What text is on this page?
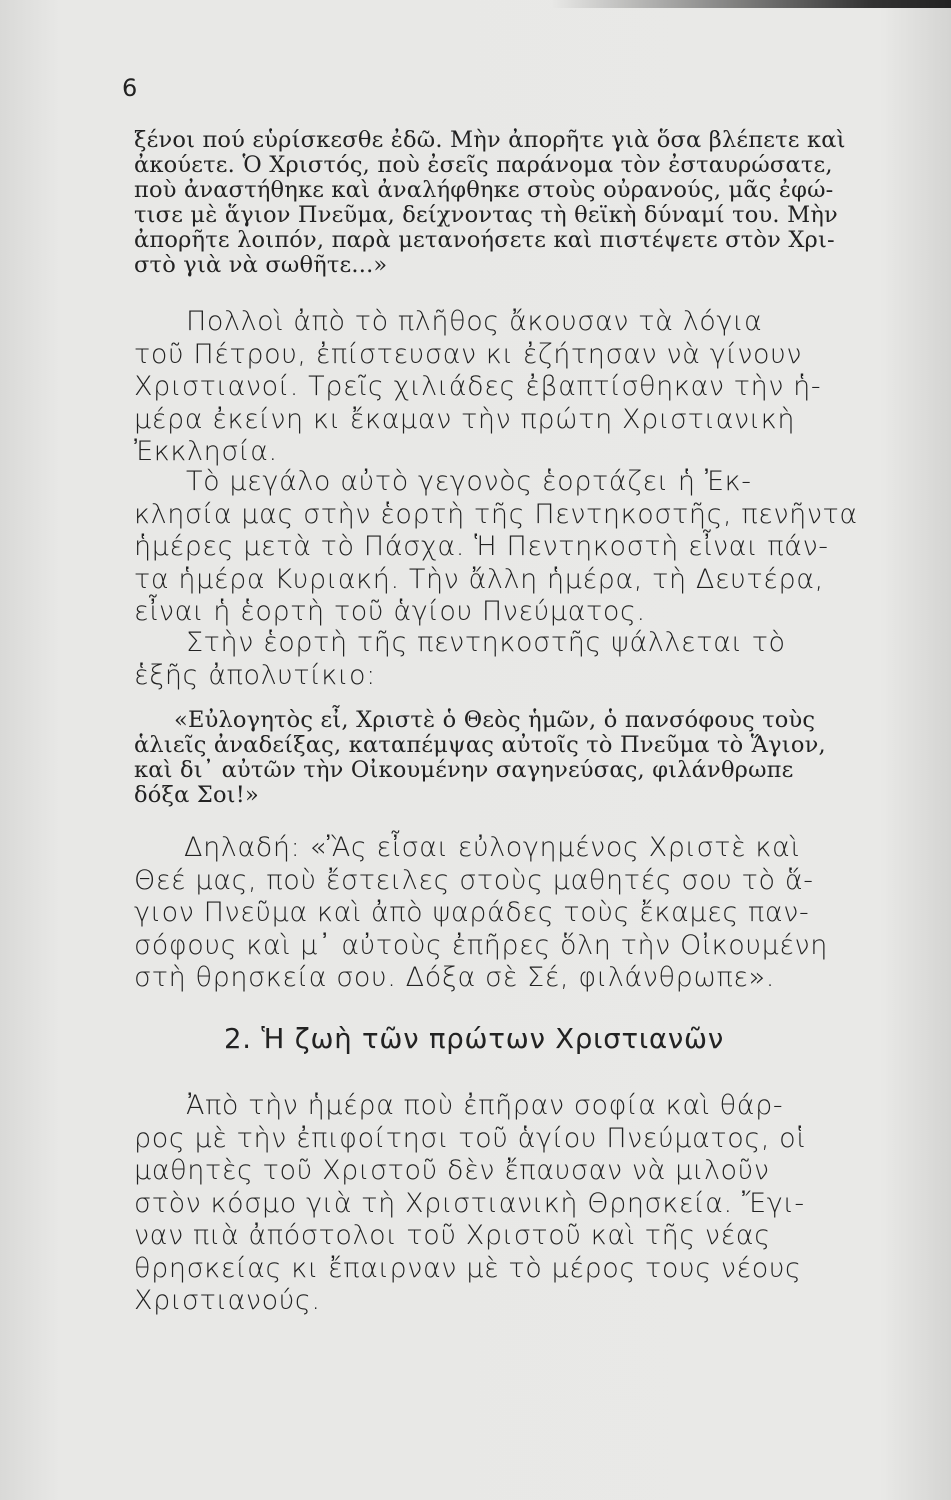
6
ξένοι πού εὑρίσκεσθε ἐδῶ. Μὴν ἀπορῆτε γιὰ ὅσα βλέπετε καὶ
ἀκούετε. Ὁ Χριστός, ποὺ ἐσεῖς παράνομα τὸν ἐσταυρώσατε,
ποὺ ἀναστήθηκε καὶ ἀναλήφθηκε στοὺς οὐρανούς, μᾶς ἐφώ-
τισε μὲ ἅγιον Πνεῦμα, δείχνοντας τὴ θεϊκὴ δύναμί του. Μὴν
ἀπορῆτε λοιπόν, παρὰ μετανοήσετε καὶ πιστέψετε στὸν Χρι-
στὸ γιὰ νὰ σωθῆτε...»
Πολλοὶ ἀπὸ τὸ πλῆθος ἄκουσαν τὰ λόγια
τοῦ Πέτρου, ἐπίστευσαν κι ἐζήτησαν νὰ γίνουν
Χριστιανοί. Τρεῖς χιλιάδες ἐβαπτίσθηκαν τὴν ἡ-
μέρα ἐκείνη κι ἔκαμαν τὴν πρώτη Χριστιανικὴ
Ἐκκλησία.
Τὸ μεγάλο αὐτὸ γεγονὸς ἑορτάζει ἡ Ἐκ-
κλησία μας στὴν ἑορτὴ τῆς Πεντηκοστῆς, πενῆντα
ἡμέρες μετὰ τὸ Πάσχα. Ἡ Πεντηκοστὴ εἶναι πάν-
τα ἡμέρα Κυριακή. Τὴν ἄλλη ἡμέρα, τὴ Δευτέρα,
εἶναι ἡ ἑορτὴ τοῦ ἁγίου Πνεύματος.
Στὴν ἑορτὴ τῆς πεντηκοστῆς ψάλλεται τὸ
ἑξῆς ἀπολυτίκιο:
«Εὐλογητὸς εἶ, Χριστὲ ὁ Θεὸς ἡμῶν, ὁ πανσόφους τοὺς
ἁλιεῖς ἀναδείξας, καταπέμψας αὐτοῖς τὸ Πνεῦμα τὸ Ἅγιον,
καὶ δι᾽ αὐτῶν τὴν Οἰκουμένην σαγηνεύσας, φιλάνθρωπε
δόξα Σοι!»
Δηλαδή: «Ἂς εἶσαι εὐλογημένος Χριστὲ καὶ
Θεέ μας, ποὺ ἔστειλες στοὺς μαθητές σου τὸ ἅ-
γιον Πνεῦμα καὶ ἀπὸ ψαράδες τοὺς ἔκαμες παν-
σόφους καὶ μ᾽ αὐτοὺς ἐπῆρες ὅλη τὴν Οἰκουμένη
στὴ θρησκεία σου. Δόξα σὲ Σέ, φιλάνθρωπε».
2. Ἡ ζωὴ τῶν πρώτων Χριστιανῶν
Ἀπὸ τὴν ἡμέρα ποὺ ἐπῆραν σοφία καὶ θάρ-
ρος μὲ τὴν ἐπιφοίτησι τοῦ ἁγίου Πνεύματος, οἱ
μαθητὲς τοῦ Χριστοῦ δὲν ἔπαυσαν νὰ μιλοῦν
στὸν κόσμο γιὰ τὴ Χριστιανικὴ Θρησκεία. Ἔγι-
ναν πιὰ ἀπόστολοι τοῦ Χριστοῦ καὶ τῆς νέας
θρησκείας κι ἔπαιρναν μὲ τὸ μέρος τους νέους
Χριστιανούς.
